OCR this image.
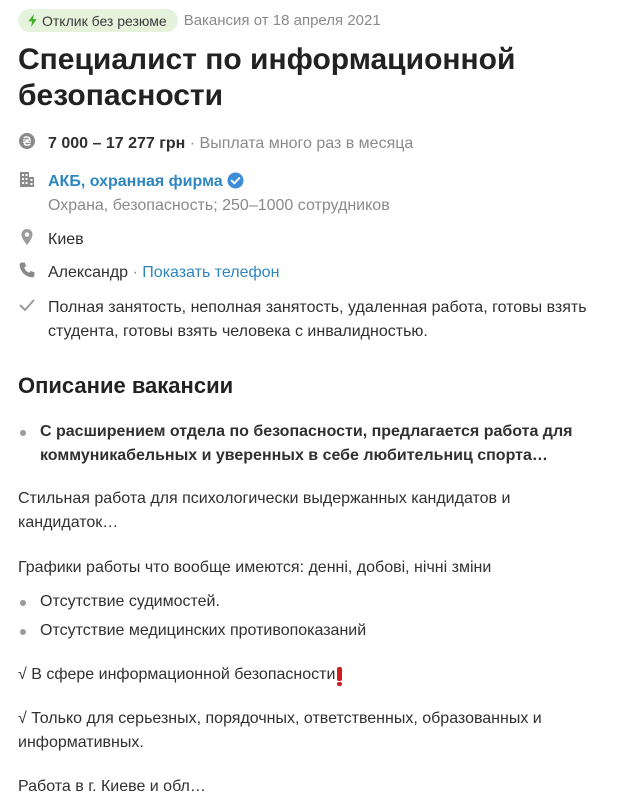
Отклик без резюме Вакансия от 18 апреля 2021
Специалист по информационной безопасности
7 000 – 17 277 грн · Выплата много раз в месяца
АКБ, охранная фирма
Охрана, безопасность; 250–1000 сотрудников
Киев
Александр · Показать телефон
Полная занятость, неполная занятость, удаленная работа, готовы взять студента, готовы взять человека с инвалидностью.
Описание вакансии
С расширением отдела по безопасности, предлагается работа для коммуникабельных и уверенных в себе любительниц спорта…
Стильная работа для психологически выдержанных кандидатов и кандидаток…
Графики работы что вообще имеются: денні, добові, нічні зміни
Отсутствие судимостей.
Отсутствие медицинских противопоказаний
√ В сфере информационной безопасности
√ Только для серьезных, порядочных, ответственных, образованных и информативных.
Работа в г. Киеве и обл…
